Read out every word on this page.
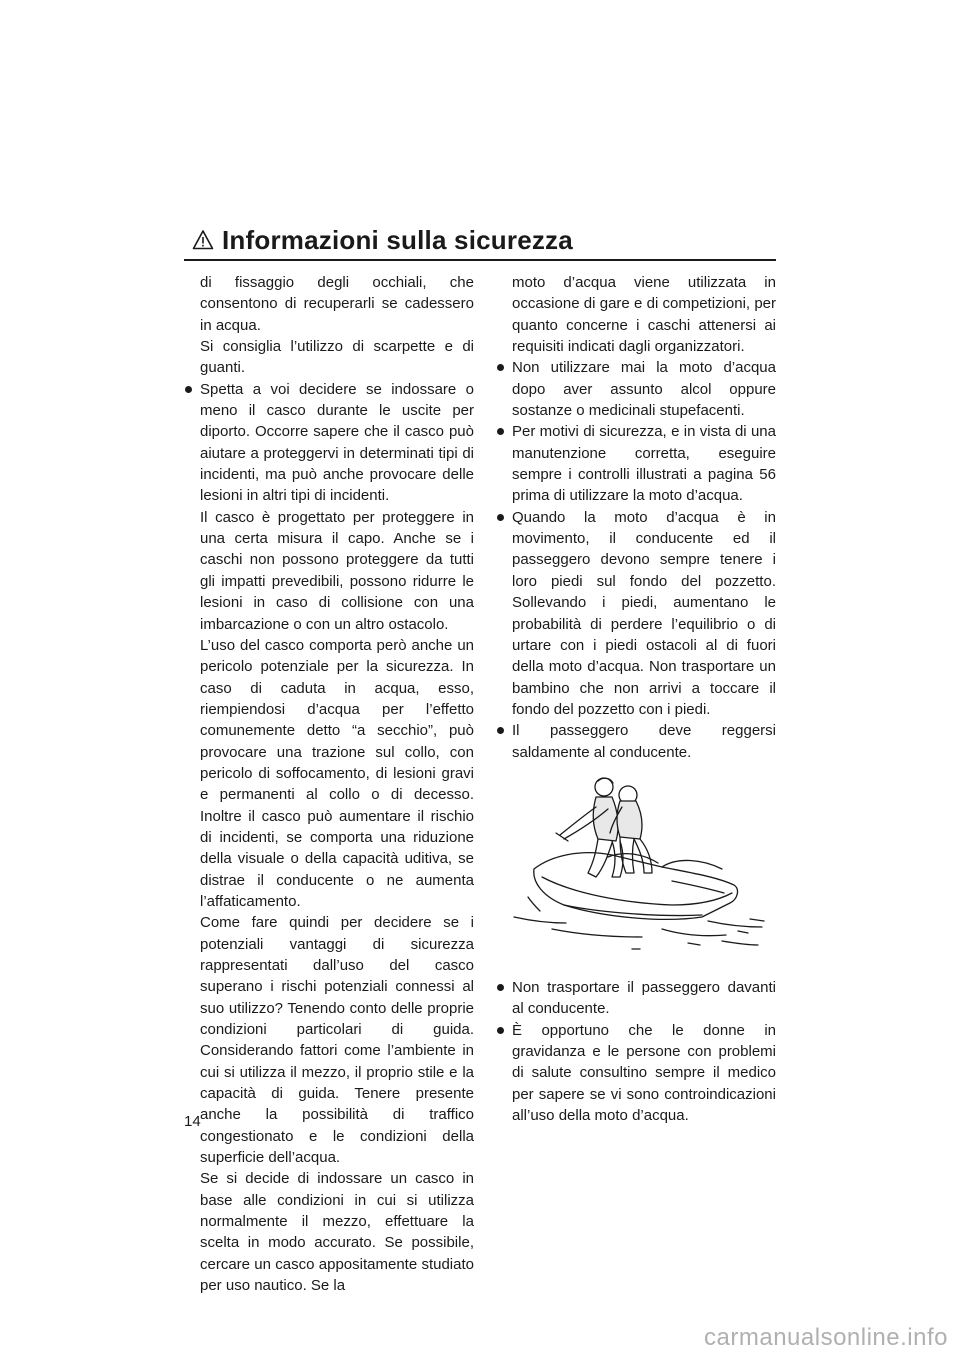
Informazioni sulla sicurezza

di fissaggio degli occhiali, che consentono di recuperarli se cadessero in acqua.

Si consiglia l’utilizzo di scarpette e di guanti.

Spetta a voi decidere se indossare o meno il casco durante le uscite per diporto. Occorre sapere che il casco può aiutare a proteggervi in determinati tipi di incidenti, ma può anche provocare delle lesioni in altri tipi di incidenti.

Il casco è progettato per proteggere in una certa misura il capo. Anche se i caschi non possono proteggere da tutti gli impatti prevedibili, possono ridurre le lesioni in caso di collisione con una imbarcazione o con un altro ostacolo.

L’uso del casco comporta però anche un pericolo potenziale per la sicurezza. In caso di caduta in acqua, esso, riempiendosi d’acqua per l’effetto comunemente detto “a secchio”, può provocare una trazione sul collo, con pericolo di soffocamento, di lesioni gravi e permanenti al collo o di decesso. Inoltre il casco può aumentare il rischio di incidenti, se comporta una riduzione della visuale o della capacità uditiva, se distrae il conducente o ne aumenta l’affaticamento.

Come fare quindi per decidere se i potenziali vantaggi di sicurezza rappresentati dall’uso del casco superano i rischi potenziali connessi al suo utilizzo? Tenendo conto delle proprie condizioni particolari di guida. Considerando fattori come l’ambiente in cui si utilizza il mezzo, il proprio stile e la capacità di guida. Tenere presente anche la possibilità di traffico congestionato e le condizioni della superficie dell’acqua.

Se si decide di indossare un casco in base alle condizioni in cui si utilizza normalmente il mezzo, effettuare la scelta in modo accurato. Se possibile, cercare un casco appositamente studiato per uso nautico. Se la

moto d’acqua viene utilizzata in occasione di gare e di competizioni, per quanto concerne i caschi attenersi ai requisiti indicati dagli organizzatori.

Non utilizzare mai la moto d’acqua dopo aver assunto alcol oppure sostanze o medicinali stupefacenti.

Per motivi di sicurezza, e in vista di una manutenzione corretta, eseguire sempre i controlli illustrati a pagina 56 prima di utilizzare la moto d’acqua.

Quando la moto d’acqua è in movimento, il conducente ed il passeggero devono sempre tenere i loro piedi sul fondo del pozzetto. Sollevando i piedi, aumentano le probabilità di perdere l’equilibrio o di urtare con i piedi ostacoli al di fuori della moto d’acqua. Non trasportare un bambino che non arrivi a toccare il fondo del pozzetto con i piedi.

Il passeggero deve reggersi saldamente al conducente.

Non trasportare il passeggero davanti al conducente.

È opportuno che le donne in gravidanza e le persone con problemi di salute consultino sempre il medico per sapere se vi sono controindicazioni all’uso della moto d’acqua.

14
carmanualsonline.info
